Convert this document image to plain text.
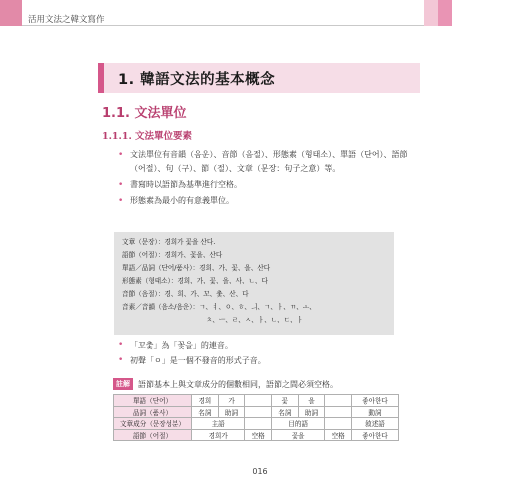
活用文法之韓文寫作
1. 韓語文法的基本概念
1.1. 文法單位
1.1.1. 文法單位要素
• 文法單位有音韻（음운）、音節（음절）、形態素（형태소）、單語（단어）、語節（어절）、句（구）、節（절）、文章（문장：句子之意）等。
• 書寫時以語節為基準進行空格。
• 形態素為最小的有意義單位。
文章（문장）： 경희가 꽃을 산다.
語節（어절）： 경희가、꽃을、산다
單語／品詞（단어/품사）： 경희、가、꽃、을、산다
形態素（형태소）： 경희、가、꽃、을、사、ㄴ、다
音節（음절）： 경、희、가、꼬、춫、산、다
音素／音韻（음소/음운）： ㄱ、ㅕ、ㅇ、ㅎ、ㅢ、ㄱ、ㅏ、ㄲ、ㅗ、
ㅊ、ㅡ、ㄹ、ㅅ、ㅏ、ㄴ、ㄷ、ㅏ
• 「꼬춫」為「꽃을」的連音。
• 初聲「ㅇ」是一個不發音的形式子音。
註解	語節基本上與文章成分的個數相同，語節之間必須空格。
單語（단어）	경희	가		꽃	을		좋아한다
品詞（품사）	名詞	助詞		名詞	助詞		動詞
文章成分（문장성분）	主語			目的語			敘述語
語節（어절）	경희가		空格	꽃을		空格	좋아한다
016
